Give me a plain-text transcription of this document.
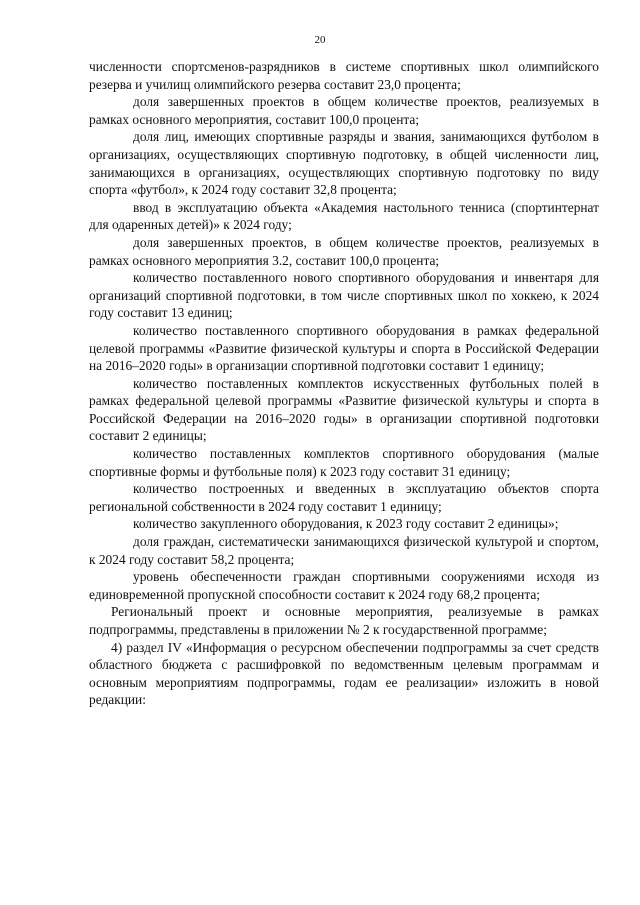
20

численности спортсменов-разрядников в системе спортивных школ олимпийского резерва и училищ олимпийского резерва составит 23,0 процента;

доля завершенных проектов в общем количестве проектов, реализуемых в рамках основного мероприятия, составит 100,0 процента;

доля лиц, имеющих спортивные разряды и звания, занимающихся футболом в организациях, осуществляющих спортивную подготовку, в общей численности лиц, занимающихся в организациях, осуществляющих спортивную подготовку по виду спорта «футбол», к 2024 году составит 32,8 процента;

ввод в эксплуатацию объекта «Академия настольного тенниса (спортинтернат для одаренных детей)» к 2024 году;

доля завершенных проектов, в общем количестве проектов, реализуемых в рамках основного мероприятия 3.2, составит 100,0 процента;

количество поставленного нового спортивного оборудования и инвентаря для организаций спортивной подготовки, в том числе спортивных школ по хоккею, к 2024 году составит 13 единиц;

количество поставленного спортивного оборудования в рамках федеральной целевой программы «Развитие физической культуры и спорта в Российской Федерации на 2016–2020 годы» в организации спортивной подготовки составит 1 единицу;

количество поставленных комплектов искусственных футбольных полей в рамках федеральной целевой программы «Развитие физической культуры и спорта в Российской Федерации на 2016–2020 годы» в организации спортивной подготовки составит 2 единицы;

количество поставленных комплектов спортивного оборудования (малые спортивные формы и футбольные поля) к 2023 году составит 31 единицу;

количество построенных и введенных в эксплуатацию объектов спорта региональной собственности в 2024 году составит 1 единицу;

количество закупленного оборудования, к 2023 году составит 2 единицы»;

доля граждан, систематически занимающихся физической культурой и спортом, к 2024 году составит 58,2 процента;

уровень обеспеченности граждан спортивными сооружениями исходя из единовременной пропускной способности составит к 2024 году 68,2 процента;

Региональный проект и основные мероприятия, реализуемые в рамках подпрограммы, представлены в приложении № 2 к государственной программе;

4) раздел IV «Информация о ресурсном обеспечении подпрограммы за счет средств областного бюджета с расшифровкой по ведомственным целевым программам и основным мероприятиям подпрограммы, годам ее реализации» изложить в новой редакции:
